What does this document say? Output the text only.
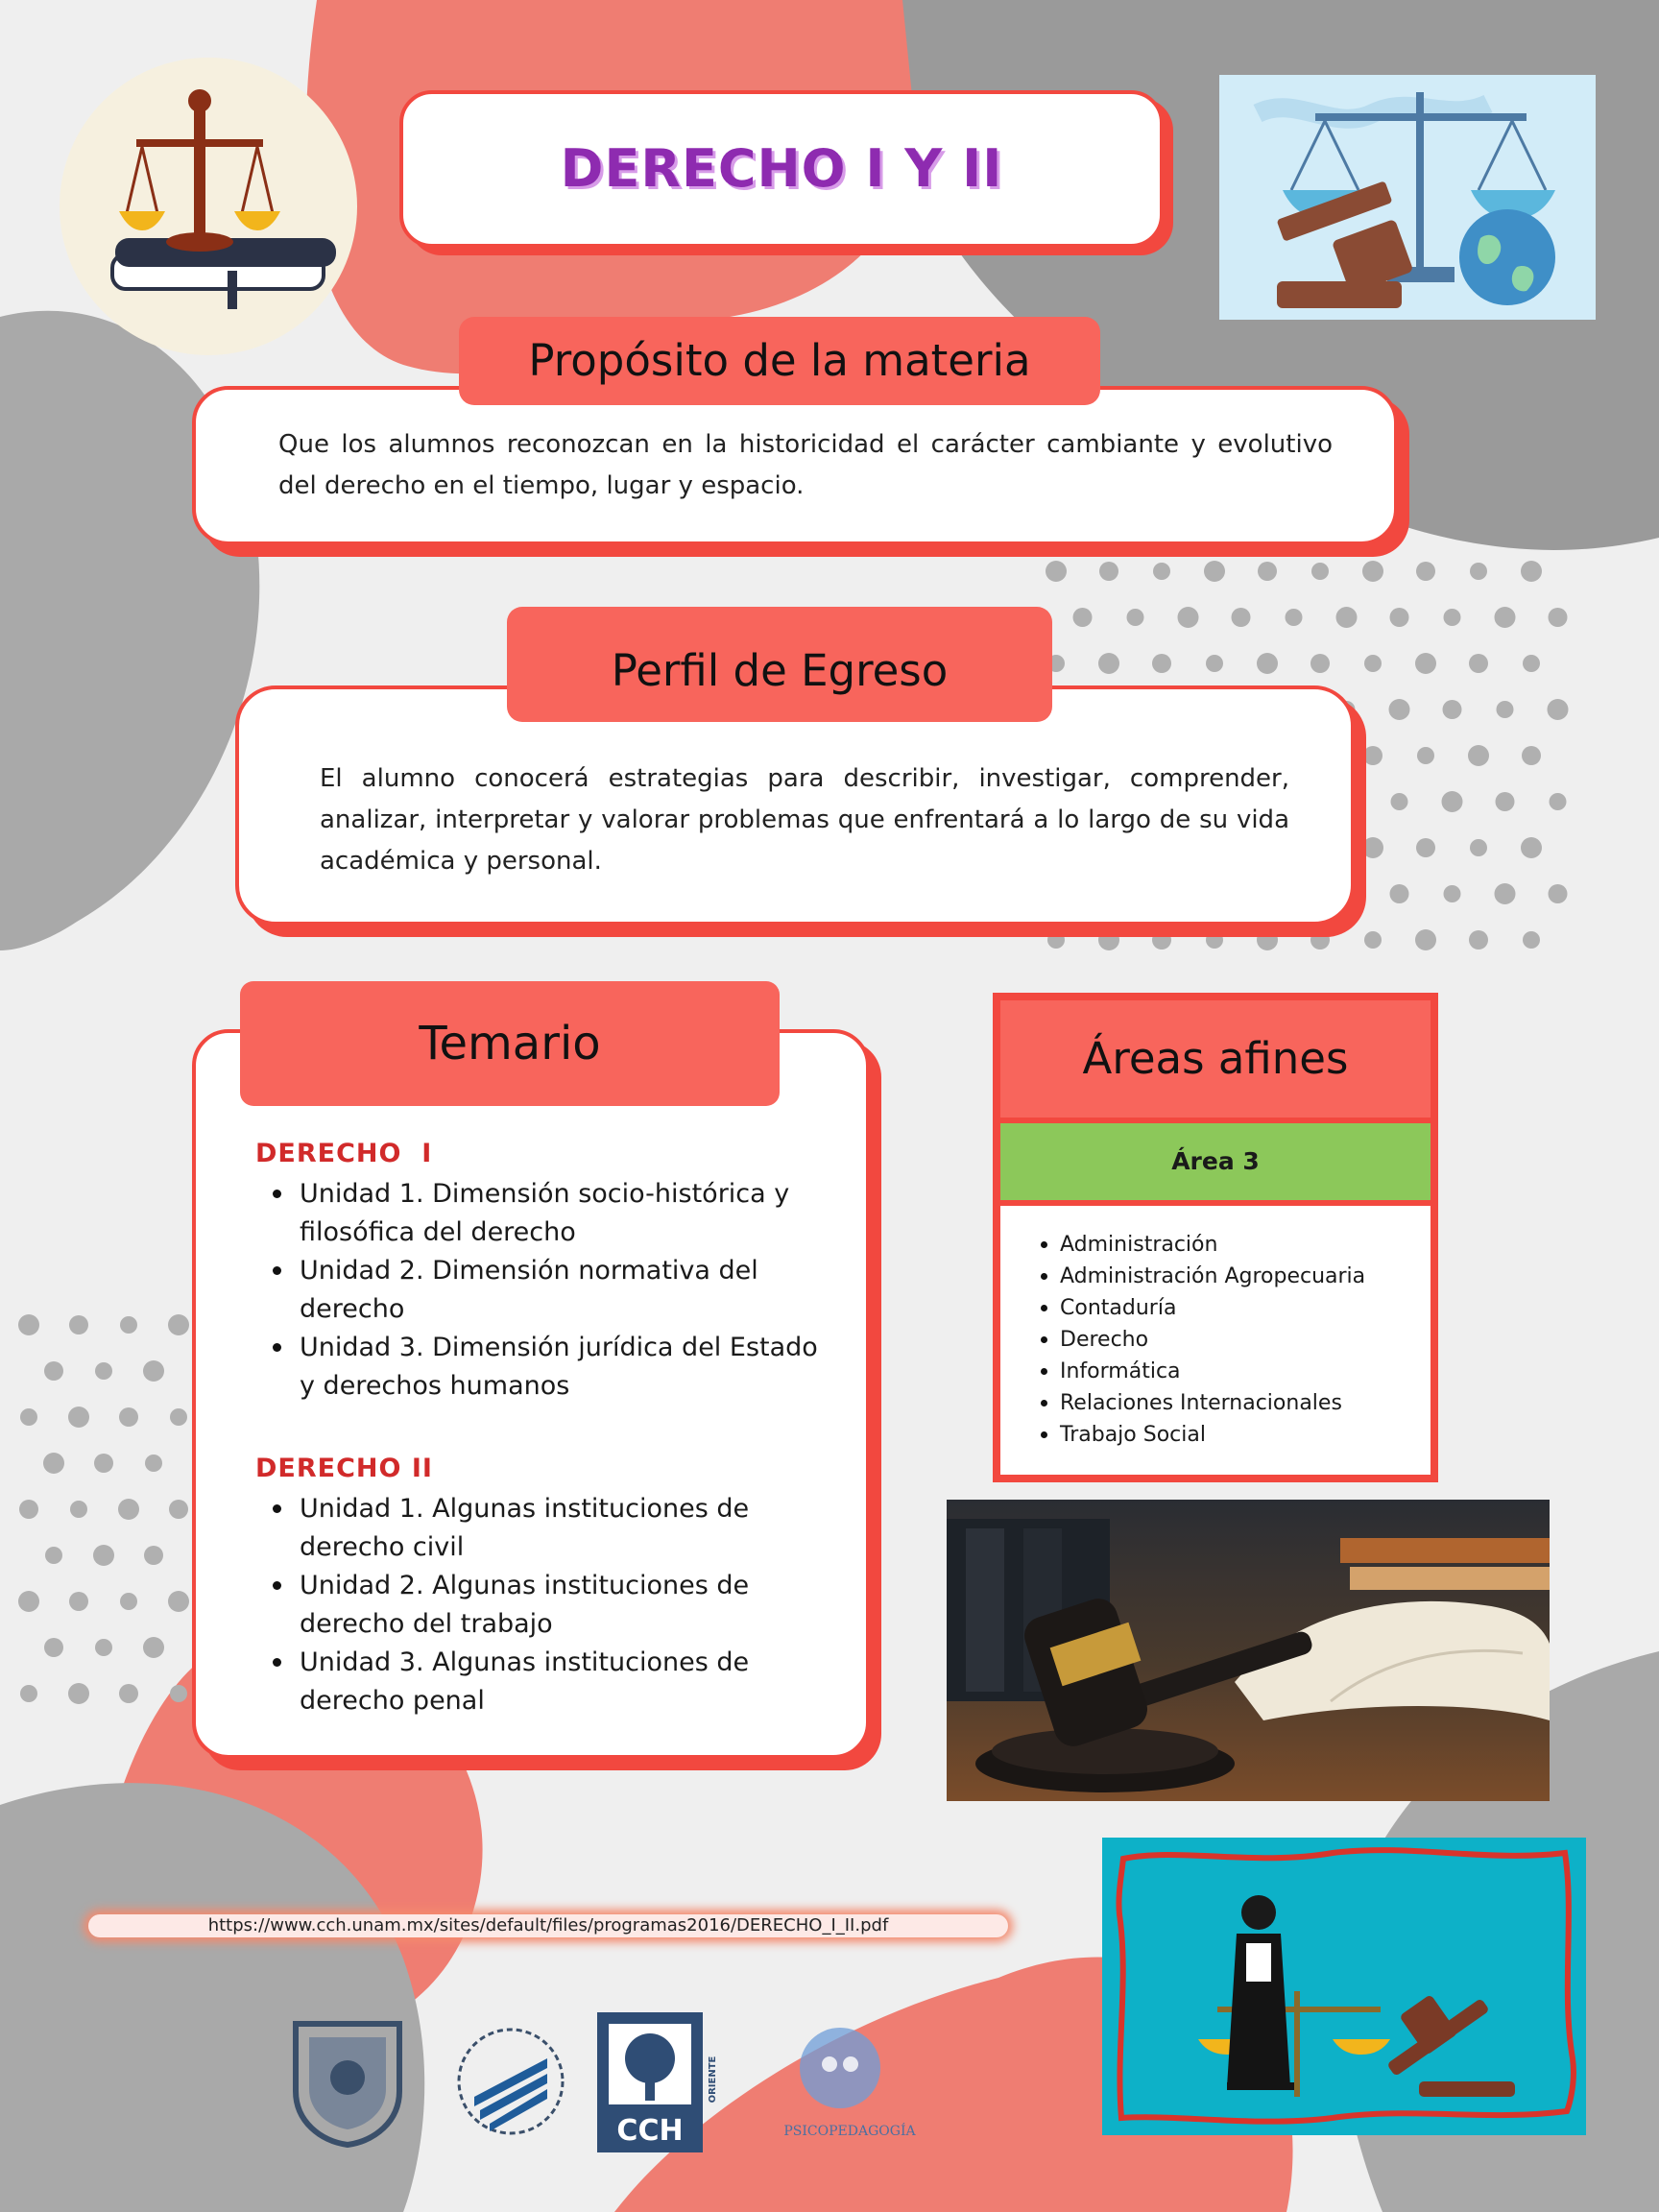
DERECHO I Y II
Que los alumnos reconozcan en la historicidad el carácter cambiante y evolutivo del derecho en el tiempo, lugar y espacio.
Propósito de la materia
El alumno conocerá estrategias para describir, investigar, comprender, analizar, interpretar y valorar problemas que enfrentará a lo largo de su vida académica y personal.
Perfil de Egreso
DERECHO  I
Unidad 1. Dimensión socio-histórica y filosófica del derecho
Unidad 2. Dimensión normativa del derecho
Unidad 3. Dimensión jurídica del Estado y derechos humanos
DERECHO II
Unidad 1. Algunas instituciones de derecho civil
Unidad 2. Algunas instituciones de derecho del trabajo
Unidad 3. Algunas instituciones de derecho penal
Temario	Áreas afines
Área 3
Administración
Administración Agropecuaria
Contaduría
Derecho
Informática
Relaciones Internacionales
Trabajo Social
https://www.cch.unam.mx/sites/default/files/programas2016/DERECHO_I_II.pdf
CCH
ORIENTE
PSICOPEDAGOGÍA
